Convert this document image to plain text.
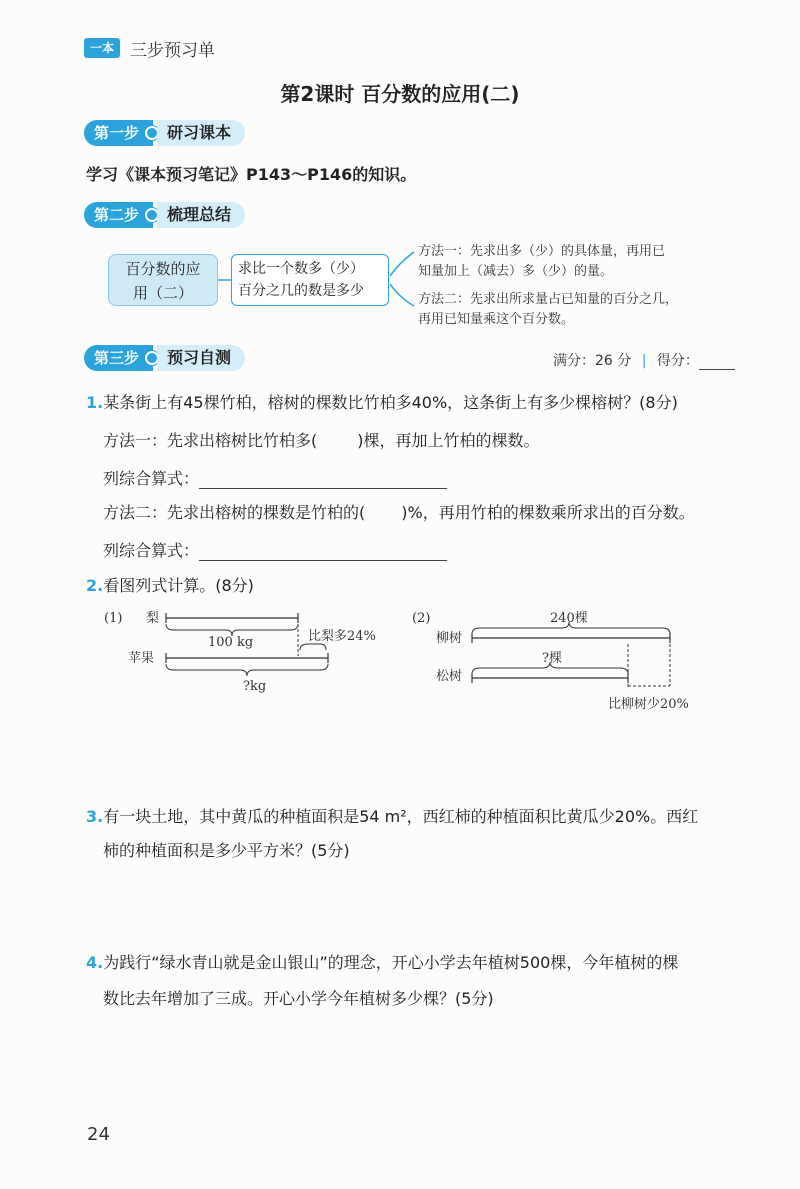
一本 三步预习单
第2课时 百分数的应用(二)
第一步 研习课本
学习《课本预习笔记》P143～P146的知识。
第二步 梳理总结
百分数的应
用（二）
求比一个数多（少）
百分之几的数是多少
方法一：先求出多（少）的具体量，再用已
知量加上（减去）多（少）的量。
方法二：先求出所求量占已知量的百分之几，
再用已知量乘这个百分数。
第三步 预习自测	满分：26 分 | 得分：
1.某条街上有45棵竹柏，榕树的棵数比竹柏多40%，这条街上有多少棵榕树？(8分)
方法一：先求出榕树比竹柏多(	)棵，再加上竹柏的棵数。
列综合算式：
方法二：先求出榕树的棵数是竹柏的( )%，再用竹柏的棵数乘所求出的百分数。
列综合算式：
2.看图列式计算。(8分)
(1) 梨
100 kg	比梨多24%
苹果
?kg
(2)	240棵
柳树
?棵
松树
比柳树少20%
3.有一块土地，其中黄瓜的种植面积是54 m²，西红柿的种植面积比黄瓜少20%。西红
柿的种植面积是多少平方米？(5分)
4.为践行“绿水青山就是金山银山”的理念，开心小学去年植树500棵，今年植树的棵
数比去年增加了三成。开心小学今年植树多少棵？(5分)
24
